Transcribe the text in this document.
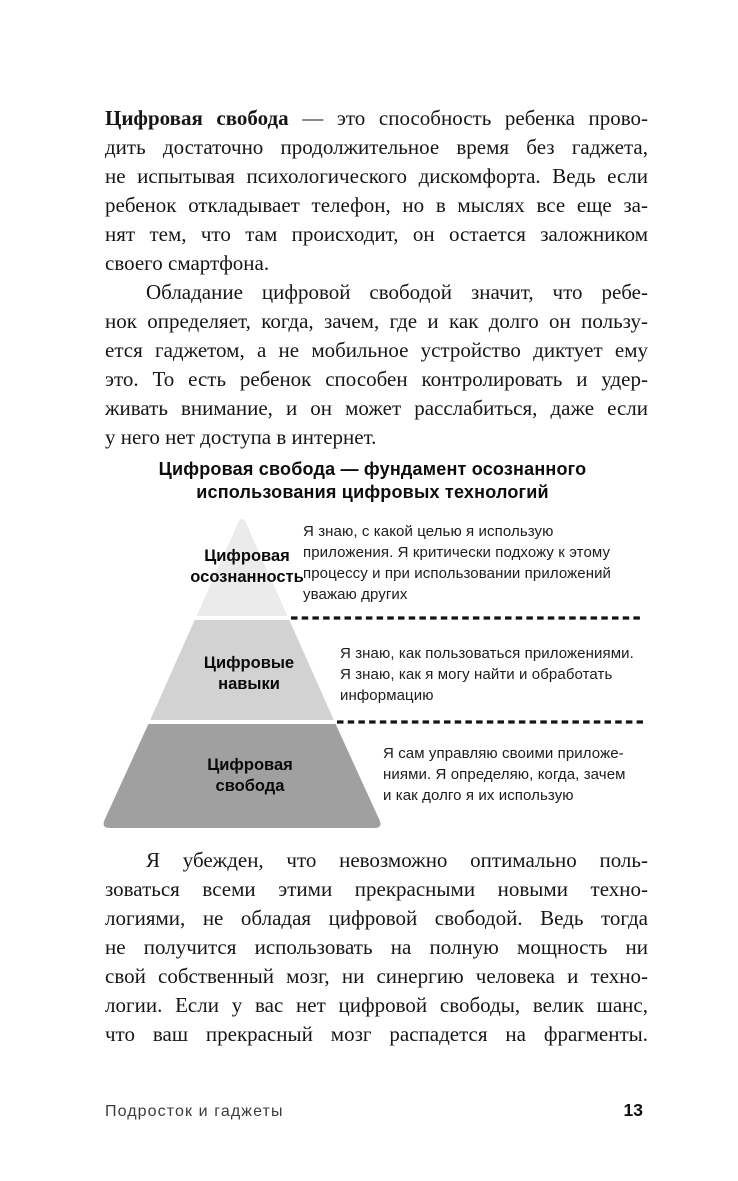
Цифровая свобода — это способность ребенка прово-
дить достаточно продолжительное время без гаджета,
не испытывая психологического дискомфорта. Ведь если
ребенок откладывает телефон, но в мыслях все еще за-
нят тем, что там происходит, он остается заложником
своего смартфона.
Обладание цифровой свободой значит, что ребе-
нок определяет, когда, зачем, где и как долго он пользу-
ется гаджетом, а не мобильное устройство диктует ему
это. То есть ребенок способен контролировать и удер-
живать внимание, и он может расслабиться, даже если
у него нет доступа в интернет.
Цифровая свобода — фундамент осознанного
использования цифровых технологий
Цифровая
осознанность
Цифровые
навыки
Цифровая
свобода
Я знаю, с какой целью я использую
приложения. Я критически подхожу к этому
процессу и при использовании приложений
уважаю других
Я знаю, как пользоваться приложениями.
Я знаю, как я могу найти и обработать
информацию
Я сам управляю своими приложе-
ниями. Я определяю, когда, зачем
и как долго я их использую
Я убежден, что невозможно оптимально поль-
зоваться всеми этими прекрасными новыми техно-
логиями, не обладая цифровой свободой. Ведь тогда
не получится использовать на полную мощность ни
свой собственный мозг, ни синергию человека и техно-
логии. Если у вас нет цифровой свободы, велик шанс,
что ваш прекрасный мозг распадется на фрагменты.
Подросток и гаджеты	13
